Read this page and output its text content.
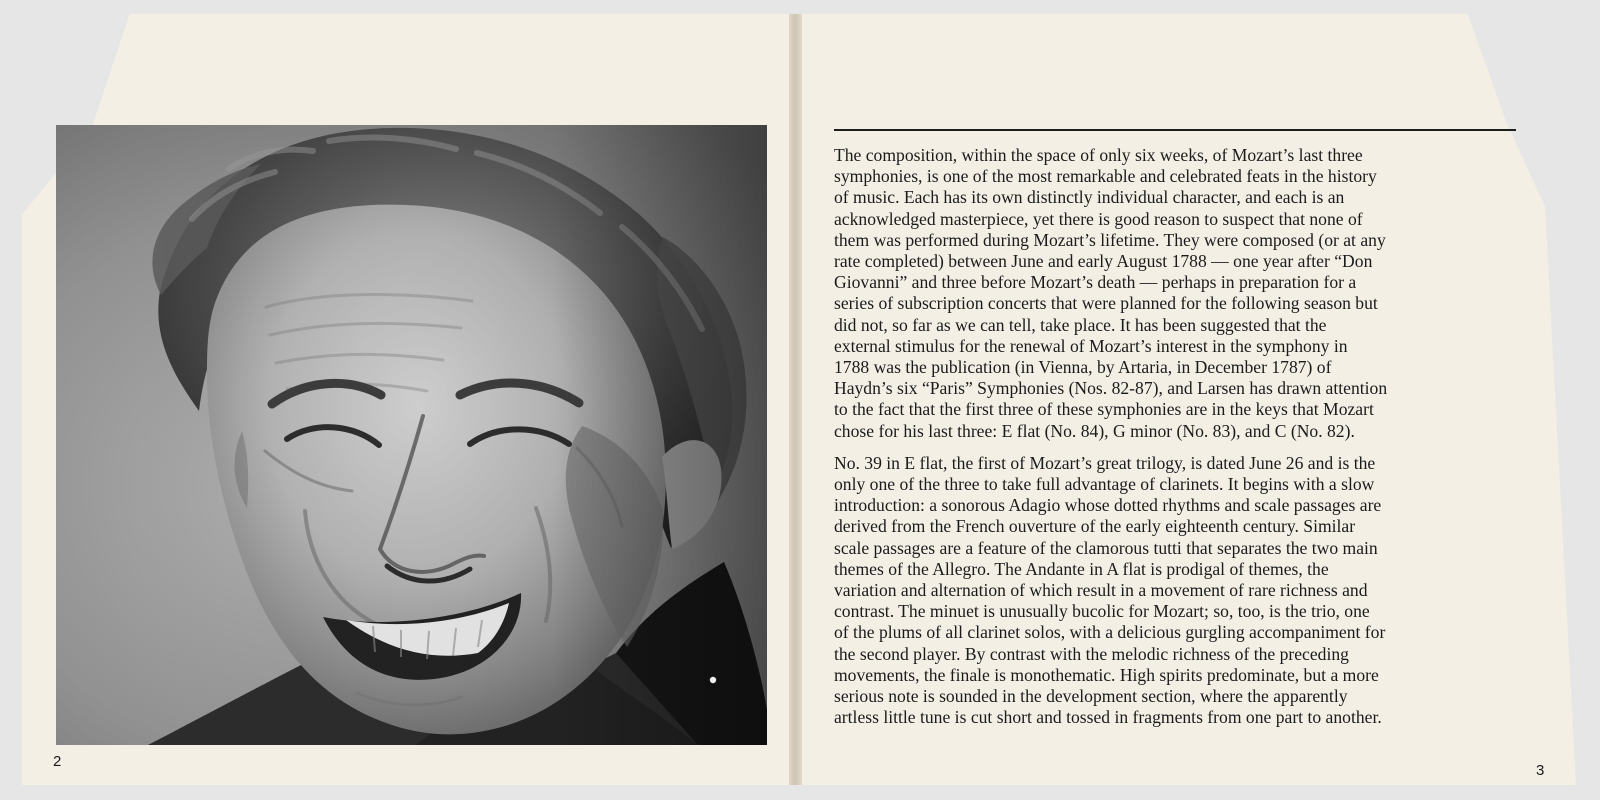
The composition, within the space of only six weeks, of Mozart’s last three
symphonies, is one of the most remarkable and celebrated feats in the history
of music. Each has its own distinctly individual character, and each is an
acknowledged masterpiece, yet there is good reason to suspect that none of
them was performed during Mozart’s lifetime. They were composed (or at any
rate completed) between June and early August 1788 — one year after “Don
Giovanni” and three before Mozart’s death — perhaps in preparation for a
series of subscription concerts that were planned for the following season but
did not, so far as we can tell, take place. It has been suggested that the
external stimulus for the renewal of Mozart’s interest in the symphony in
1788 was the publication (in Vienna, by Artaria, in December 1787) of
Haydn’s six “Paris” Symphonies (Nos. 82-87), and Larsen has drawn attention
to the fact that the first three of these symphonies are in the keys that Mozart
chose for his last three: E flat (No. 84), G minor (No. 83), and C (No. 82).

No. 39 in E flat, the first of Mozart’s great trilogy, is dated June 26 and is the
only one of the three to take full advantage of clarinets. It begins with a slow
introduction: a sonorous Adagio whose dotted rhythms and scale passages are
derived from the French ouverture of the early eighteenth century. Similar
scale passages are a feature of the clamorous tutti that separates the two main
themes of the Allegro. The Andante in A flat is prodigal of themes, the
variation and alternation of which result in a movement of rare richness and
contrast. The minuet is unusually bucolic for Mozart; so, too, is the trio, one
of the plums of all clarinet solos, with a delicious gurgling accompaniment for
the second player. By contrast with the melodic richness of the preceding
movements, the finale is monothematic. High spirits predominate, but a more
serious note is sounded in the development section, where the apparently
artless little tune is cut short and tossed in fragments from one part to another.

2
3
